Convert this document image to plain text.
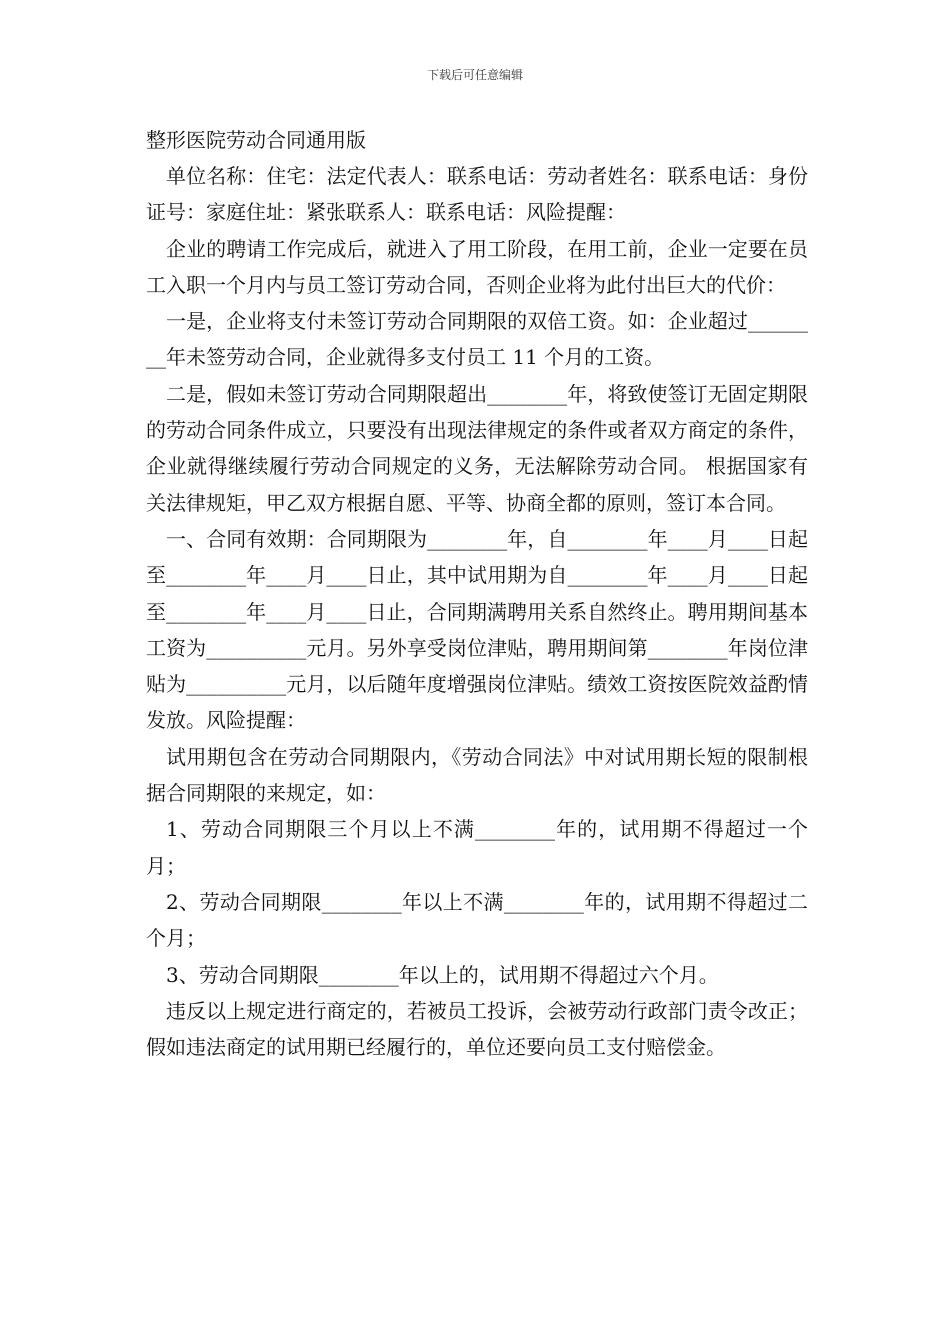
下载后可任意编辑

整形医院劳动合同通用版

单位名称：住宅：法定代表人：联系电话：劳动者姓名：联系电话：身份证号：家庭住址：紧张联系人：联系电话：风险提醒：

企业的聘请工作完成后，就进入了用工阶段，在用工前，企业一定要在员工入职一个月内与员工签订劳动合同，否则企业将为此付出巨大的代价：

一是，企业将支付未签订劳动合同期限的双倍工资。如：企业超过________年未签劳动合同，企业就得多支付员工 11 个月的工资。

二是，假如未签订劳动合同期限超出________年，将致使签订无固定期限的劳动合同条件成立，只要没有出现法律规定的条件或者双方商定的条件，企业就得继续履行劳动合同规定的义务，无法解除劳动合同。 根据国家有关法律规矩，甲乙双方根据自愿、平等、协商全都的原则，签订本合同。

一、合同有效期：合同期限为________年，自________年____月____日起至________年____月____日止，其中试用期为自________年____月____日起至________年____月____日止，合同期满聘用关系自然终止。聘用期间基本工资为__________元月。另外享受岗位津贴，聘用期间第________年岗位津贴为__________元月，以后随年度增强岗位津贴。绩效工资按医院效益酌情发放。风险提醒：

试用期包含在劳动合同期限内，《劳动合同法》中对试用期长短的限制根据合同期限的来规定，如：

1、劳动合同期限三个月以上不满________年的，试用期不得超过一个月；

2、劳动合同期限________年以上不满________年的，试用期不得超过二个月；

3、劳动合同期限________年以上的，试用期不得超过六个月。

违反以上规定进行商定的，若被员工投诉，会被劳动行政部门责令改正；假如违法商定的试用期已经履行的，单位还要向员工支付赔偿金。
